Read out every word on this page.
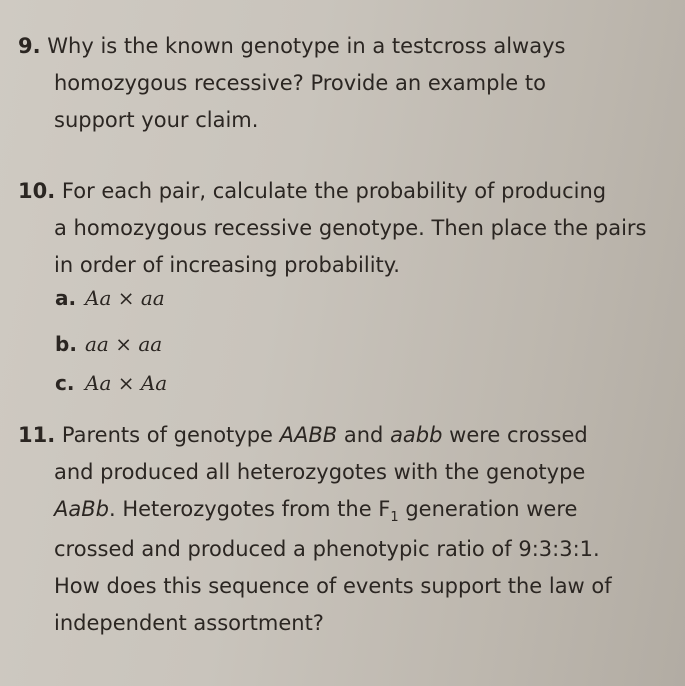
9. Why is the known genotype in a testcross always
homozygous recessive? Provide an example to
support your claim.
10. For each pair, calculate the probability of producing
a homozygous recessive genotype. Then place the pairs
in order of increasing probability.
a. Aa × aa
b. aa × aa
c. Aa × Aa
11. Parents of genotype AABB and aabb were crossed
and produced all heterozygotes with the genotype
AaBb. Heterozygotes from the $F_1$ generation were
crossed and produced a phenotypic ratio of 9:3:3:1.
How does this sequence of events support the law of
independent assortment?
